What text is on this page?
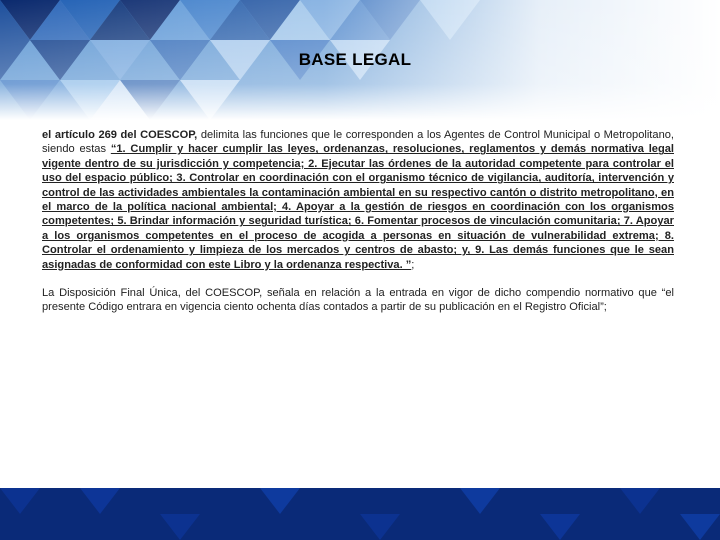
BASE LEGAL

el artículo 269 del COESCOP, delimita las funciones que le corresponden a los Agentes de Control Municipal o Metropolitano, siendo estas “1. Cumplir y hacer cumplir las leyes, ordenanzas, resoluciones, reglamentos y demás normativa legal vigente dentro de su jurisdicción y competencia; 2. Ejecutar las órdenes de la autoridad competente para controlar el uso del espacio público; 3. Controlar en coordinación con el organismo técnico de vigilancia, auditoría, intervención y control de las actividades ambientales la contaminación ambiental en su respectivo cantón o distrito metropolitano, en el marco de la política nacional ambiental; 4. Apoyar a la gestión de riesgos en coordinación con los organismos competentes; 5. Brindar información y seguridad turística; 6. Fomentar procesos de vinculación comunitaria; 7. Apoyar a los organismos competentes en el proceso de acogida a personas en situación de vulnerabilidad extrema; 8. Controlar el ordenamiento y limpieza de los mercados y centros de abasto; y, 9. Las demás funciones que le sean asignadas de conformidad con este Libro y la ordenanza respectiva. ”;

La Disposición Final Única, del COESCOP, señala en relación a la entrada en vigor de dicho compendio normativo que “el presente Código entrara en vigencia ciento ochenta días contados a partir de su publicación en el Registro Oficial”;
